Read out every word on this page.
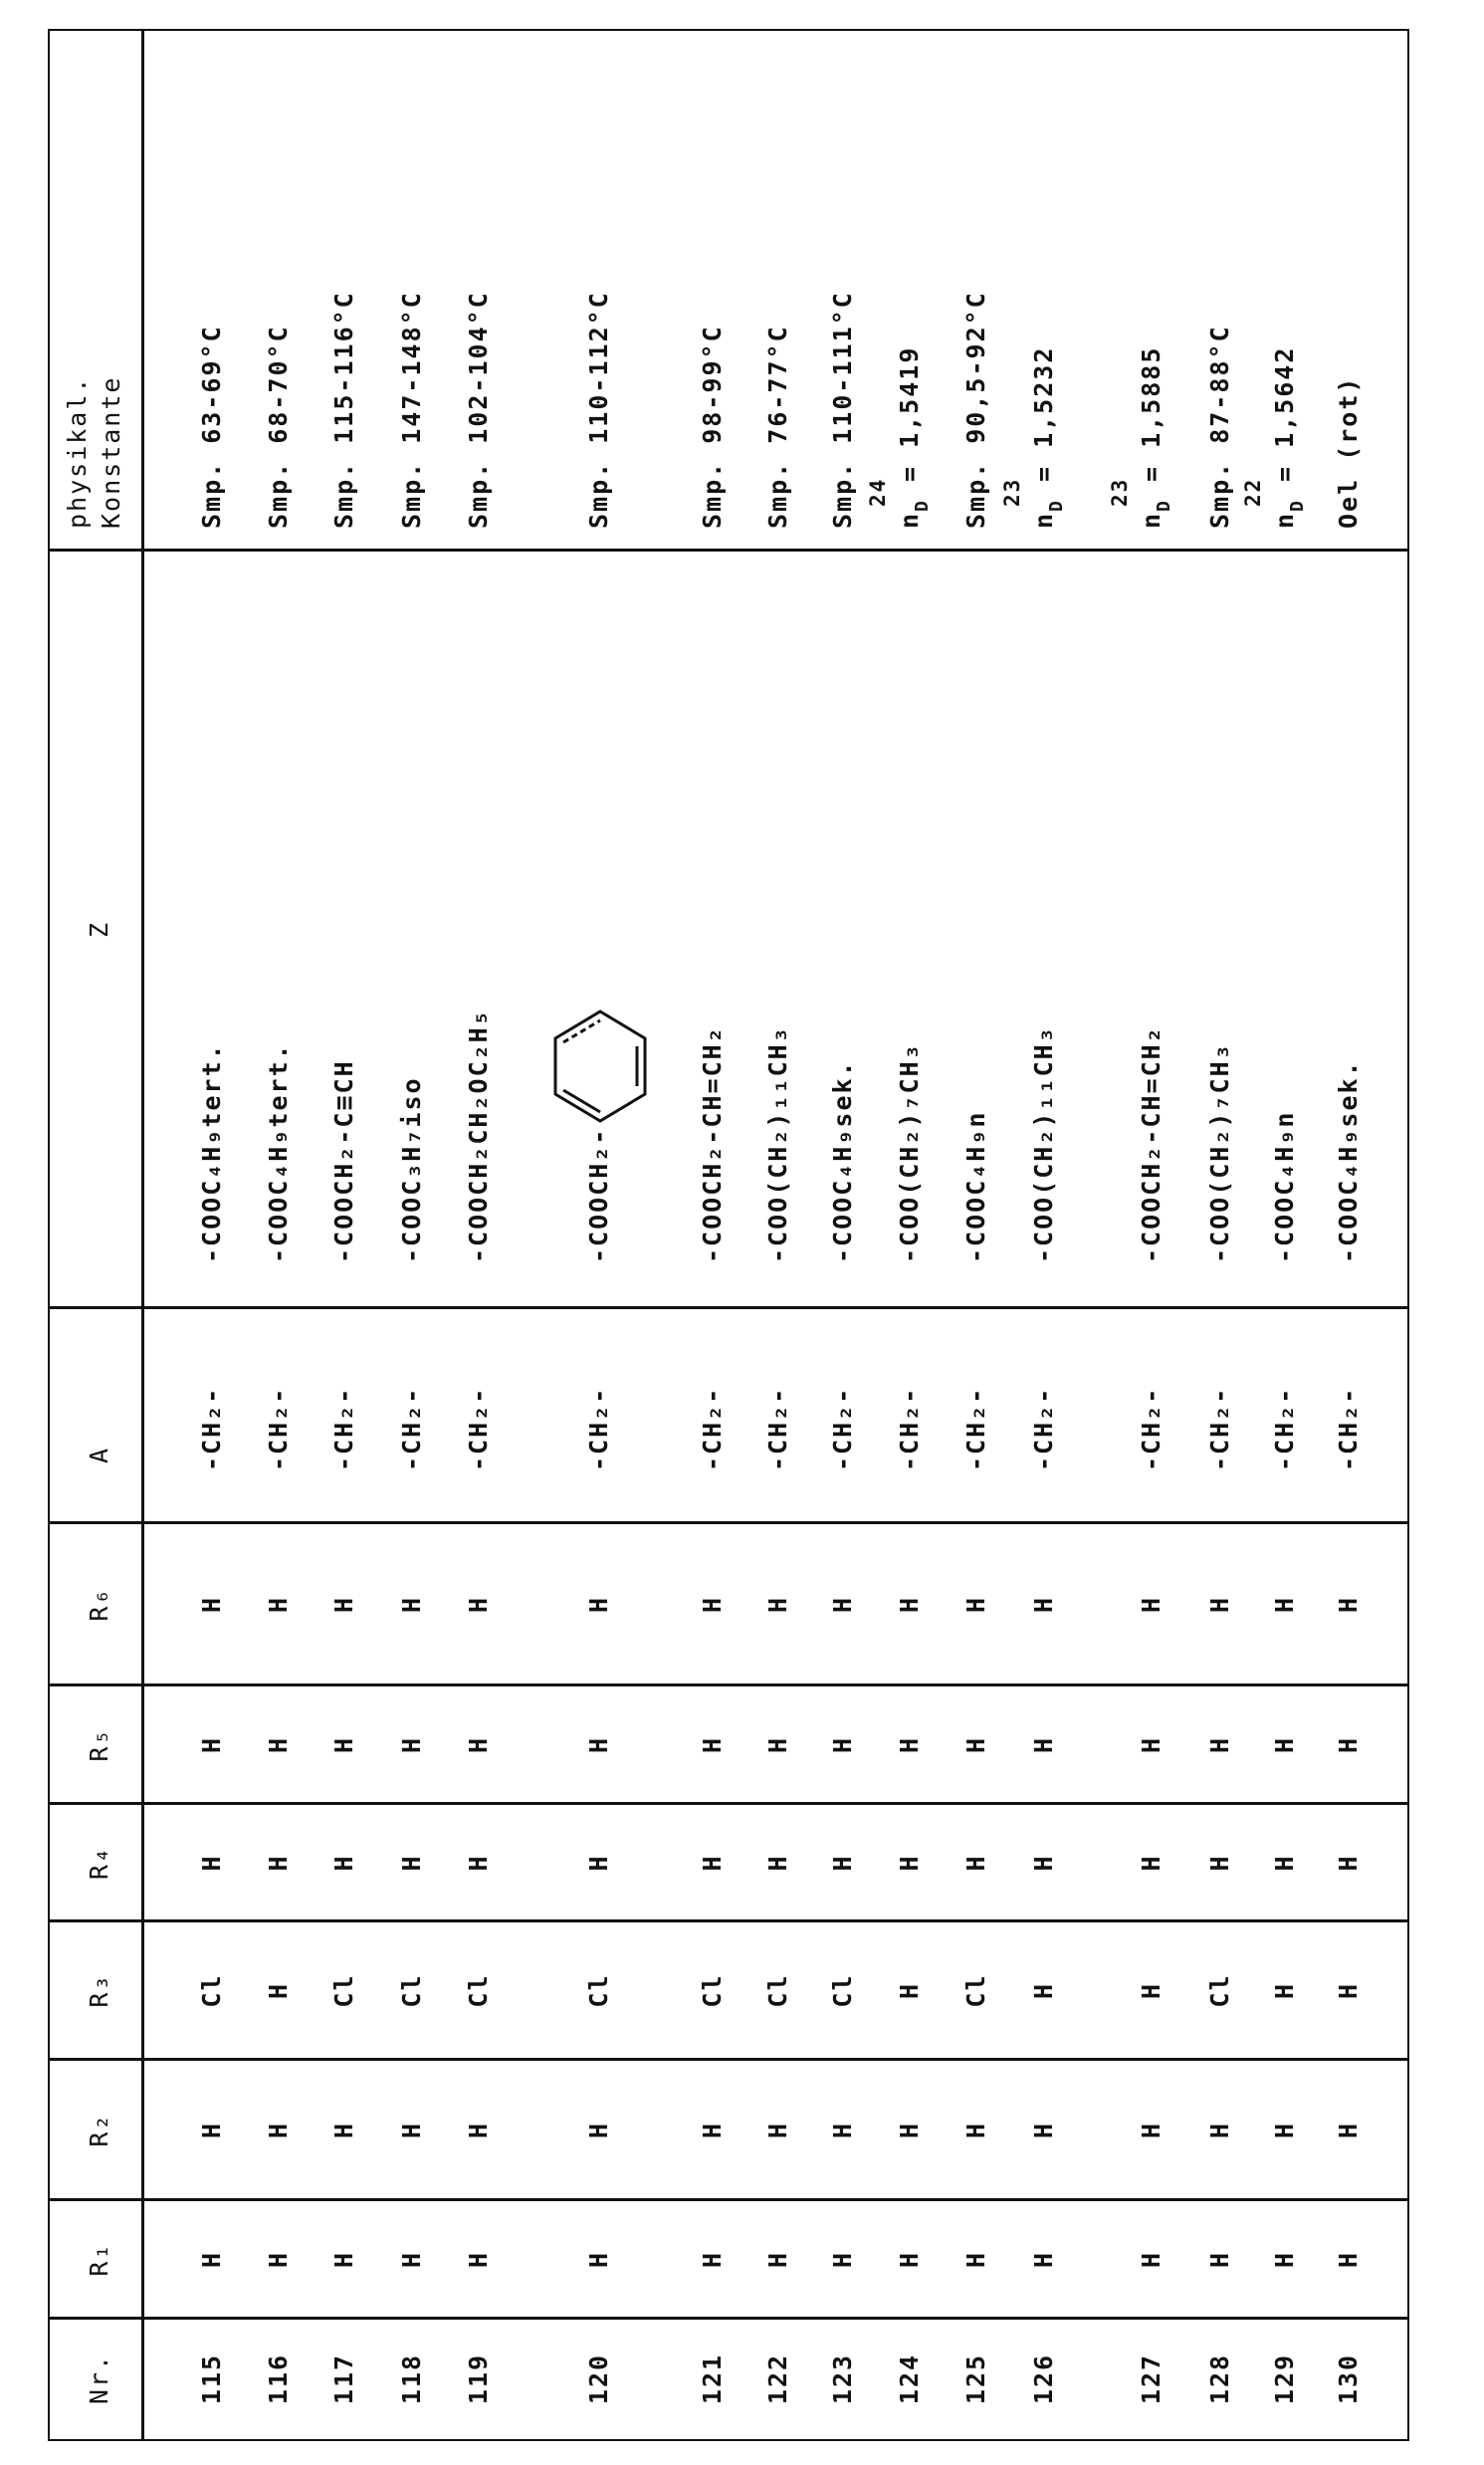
Nr.
R₁
R₂
R₃
R₄
R₅
R₆
A
Z
physikal. Konstante
115
H
H
Cl
H
H
H
-CH₂-
-COOC₄H₉tert.
Smp. 63-69°C
116
H
H
H
H
H
H
-CH₂-
-COOC₄H₉tert.
Smp. 68-70°C
117
H
H
Cl
H
H
H
-CH₂-
-COOCH₂-C≡CH
Smp. 115-116°C
118
H
H
Cl
H
H
H
-CH₂-
-COOC₃H₇iso
Smp. 147-148°C
119
H
H
Cl
H
H
H
-CH₂-
-COOCH₂CH₂OC₂H₅
Smp. 102-104°C
120
H
H
Cl
H
H
H
-CH₂-
-COOCH₂-
Smp. 110-112°C
121
H
H
Cl
H
H
H
-CH₂-
-COOCH₂-CH=CH₂
Smp. 98-99°C
122
H
H
Cl
H
H
H
-CH₂-
-COO(CH₂)₁₁CH₃
Smp. 76-77°C
123
H
H
Cl
H
H
H
-CH₂-
-COOC₄H₉sek.
Smp. 110-111°C
124
H
H
H
H
H
H
-CH₂-
-COO(CH₂)₇CH₃
24
nD = 1,5419
125
H
H
Cl
H
H
H
-CH₂-
-COOC₄H₉n
Smp. 90,5-92°C
126
H
H
H
H
H
H
-CH₂-
-COO(CH₂)₁₁CH₃
23
nD = 1,5232
127
H
H
H
H
H
H
-CH₂-
-COOCH₂-CH=CH₂
23
nD = 1,5885
128
H
H
Cl
H
H
H
-CH₂-
-COO(CH₂)₇CH₃
Smp. 87-88°C
129
H
H
H
H
H
H
-CH₂-
-COOC₄H₉n
22
nD = 1,5642
130
H
H
H
H
H
H
-CH₂-
-COOC₄H₉sek.
Oel (rot)
